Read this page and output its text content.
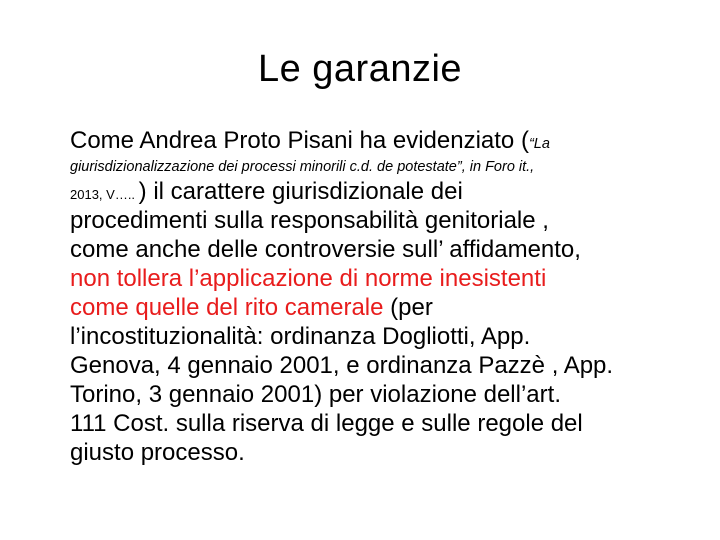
Le garanzie
Come Andrea Proto Pisani ha evidenziato (“La
giurisdizionalizzazione dei processi minorili c.d. de potestate”, in Foro it.,
2013, V….. ) il carattere giurisdizionale dei
procedimenti sulla responsabilità genitoriale ,
come anche delle controversie sull’ affidamento,
non tollera l’applicazione di norme inesistenti
come quelle del rito camerale (per
l’incostituzionalità: ordinanza Dogliotti, App.
Genova, 4 gennaio 2001, e ordinanza Pazzè , App.
Torino, 3 gennaio 2001) per violazione dell’art.
111 Cost. sulla riserva di legge e sulle regole del
giusto processo.
